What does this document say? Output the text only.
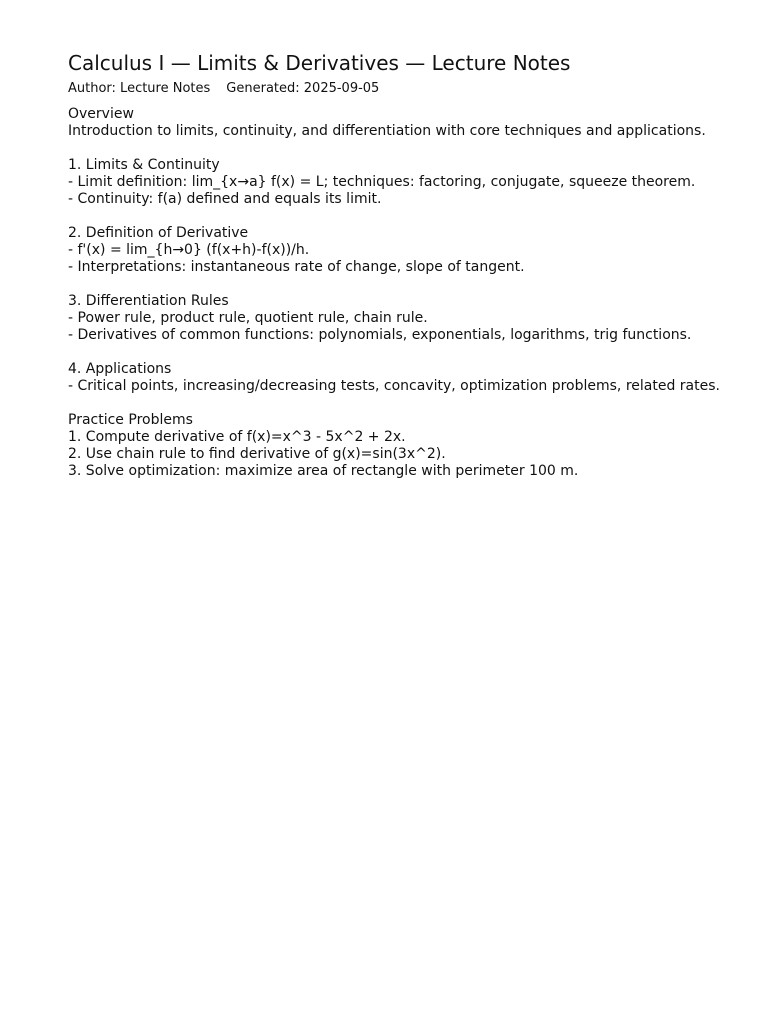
Calculus I — Limits & Derivatives — Lecture Notes
Author: Lecture Notes Generated: 2025-09-05
Overview
Introduction to limits, continuity, and differentiation with core techniques and applications.
1. Limits & Continuity
- Limit definition: lim_{x→a} f(x) = L; techniques: factoring, conjugate, squeeze theorem.
- Continuity: f(a) defined and equals its limit.
2. Definition of Derivative
- f'(x) = lim_{h→0} (f(x+h)-f(x))/h.
- Interpretations: instantaneous rate of change, slope of tangent.
3. Differentiation Rules
- Power rule, product rule, quotient rule, chain rule.
- Derivatives of common functions: polynomials, exponentials, logarithms, trig functions.
4. Applications
- Critical points, increasing/decreasing tests, concavity, optimization problems, related rates.
Practice Problems
1. Compute derivative of f(x)=x^3 - 5x^2 + 2x.
2. Use chain rule to find derivative of g(x)=sin(3x^2).
3. Solve optimization: maximize area of rectangle with perimeter 100 m.
